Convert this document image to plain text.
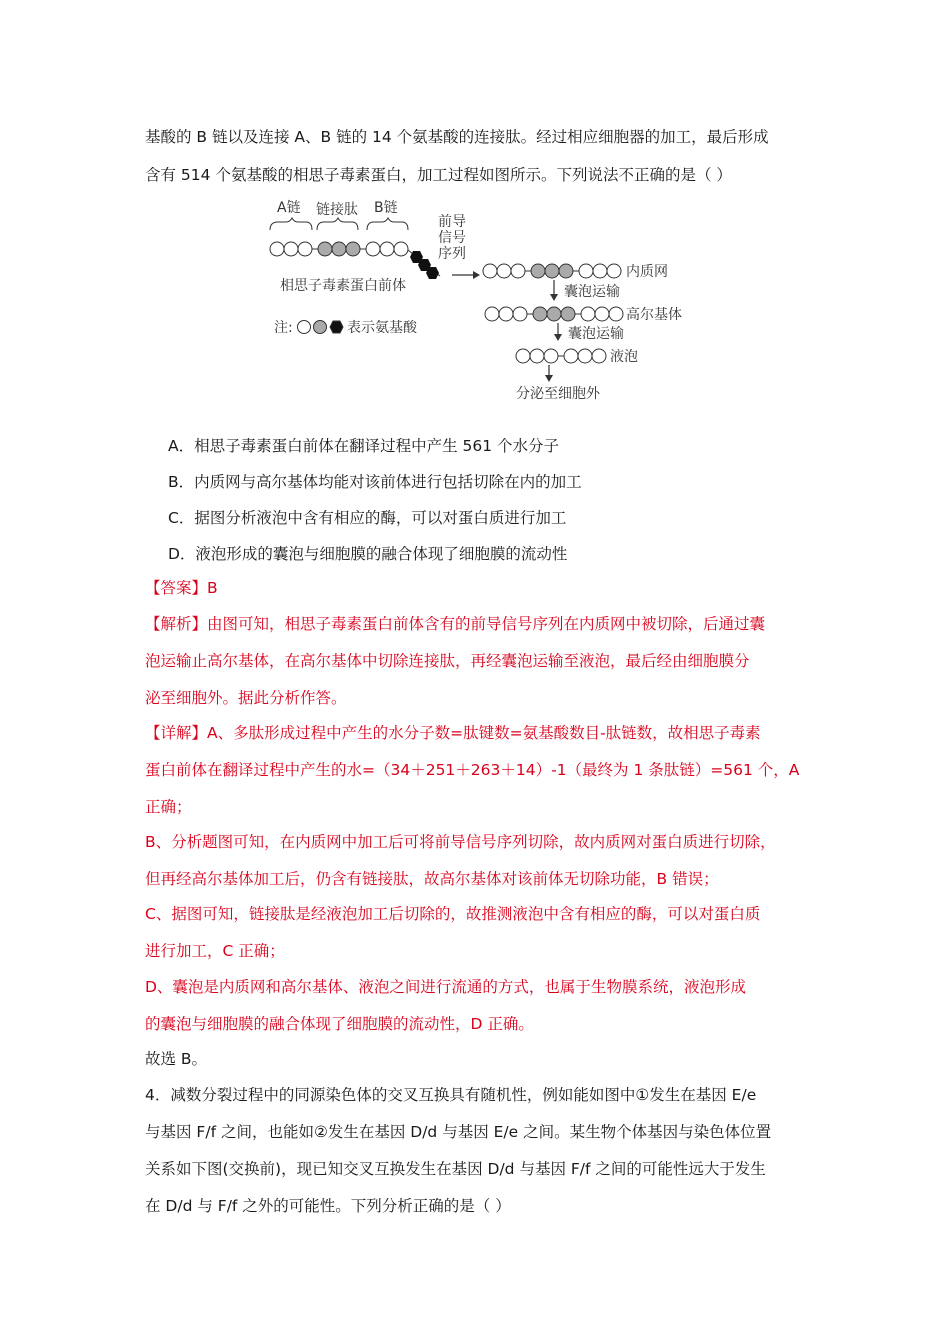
基酸的 B 链以及连接 A、B 链的 14 个氨基酸的连接肽。经过相应细胞器的加工，最后形成
含有 514 个氨基酸的相思子毒素蛋白，加工过程如图所示。下列说法不正确的是（ ）
A链 链接肽 B链
前导
信号
序列
相思子毒素蛋白前体
注:	表示氨基酸
内质网
囊泡运输
高尔基体
囊泡运输
液泡
分泌至细胞外
A．相思子毒素蛋白前体在翻译过程中产生 561 个水分子
B．内质网与高尔基体均能对该前体进行包括切除在内的加工
C．据图分析液泡中含有相应的酶，可以对蛋白质进行加工
D．液泡形成的囊泡与细胞膜的融合体现了细胞膜的流动性
【答案】B
【解析】由图可知，相思子毒素蛋白前体含有的前导信号序列在内质网中被切除，后通过囊
泡运输止高尔基体，在高尔基体中切除连接肽，再经囊泡运输至液泡，最后经由细胞膜分
泌至细胞外。据此分析作答。
【详解】A、多肽形成过程中产生的水分子数=肽键数=氨基酸数目-肽链数，故相思子毒素
蛋白前体在翻译过程中产生的水=（34＋251＋263＋14）-1（最终为 1 条肽链）=561 个，A
正确；
B、分析题图可知，在内质网中加工后可将前导信号序列切除，故内质网对蛋白质进行切除，
但再经高尔基体加工后，仍含有链接肽，故高尔基体对该前体无切除功能，B 错误；
C、据图可知，链接肽是经液泡加工后切除的，故推测液泡中含有相应的酶，可以对蛋白质
进行加工，C 正确；
D、囊泡是内质网和高尔基体、液泡之间进行流通的方式，也属于生物膜系统，液泡形成
的囊泡与细胞膜的融合体现了细胞膜的流动性，D 正确。
故选 B。
4．减数分裂过程中的同源染色体的交叉互换具有随机性，例如能如图中①发生在基因 E/e
与基因 F/f 之间，也能如②发生在基因 D/d 与基因 E/e 之间。某生物个体基因与染色体位置
关系如下图(交换前)，现已知交叉互换发生在基因 D/d 与基因 F/f 之间的可能性远大于发生
在 D/d 与 F/f 之外的可能性。下列分析正确的是（ ）
